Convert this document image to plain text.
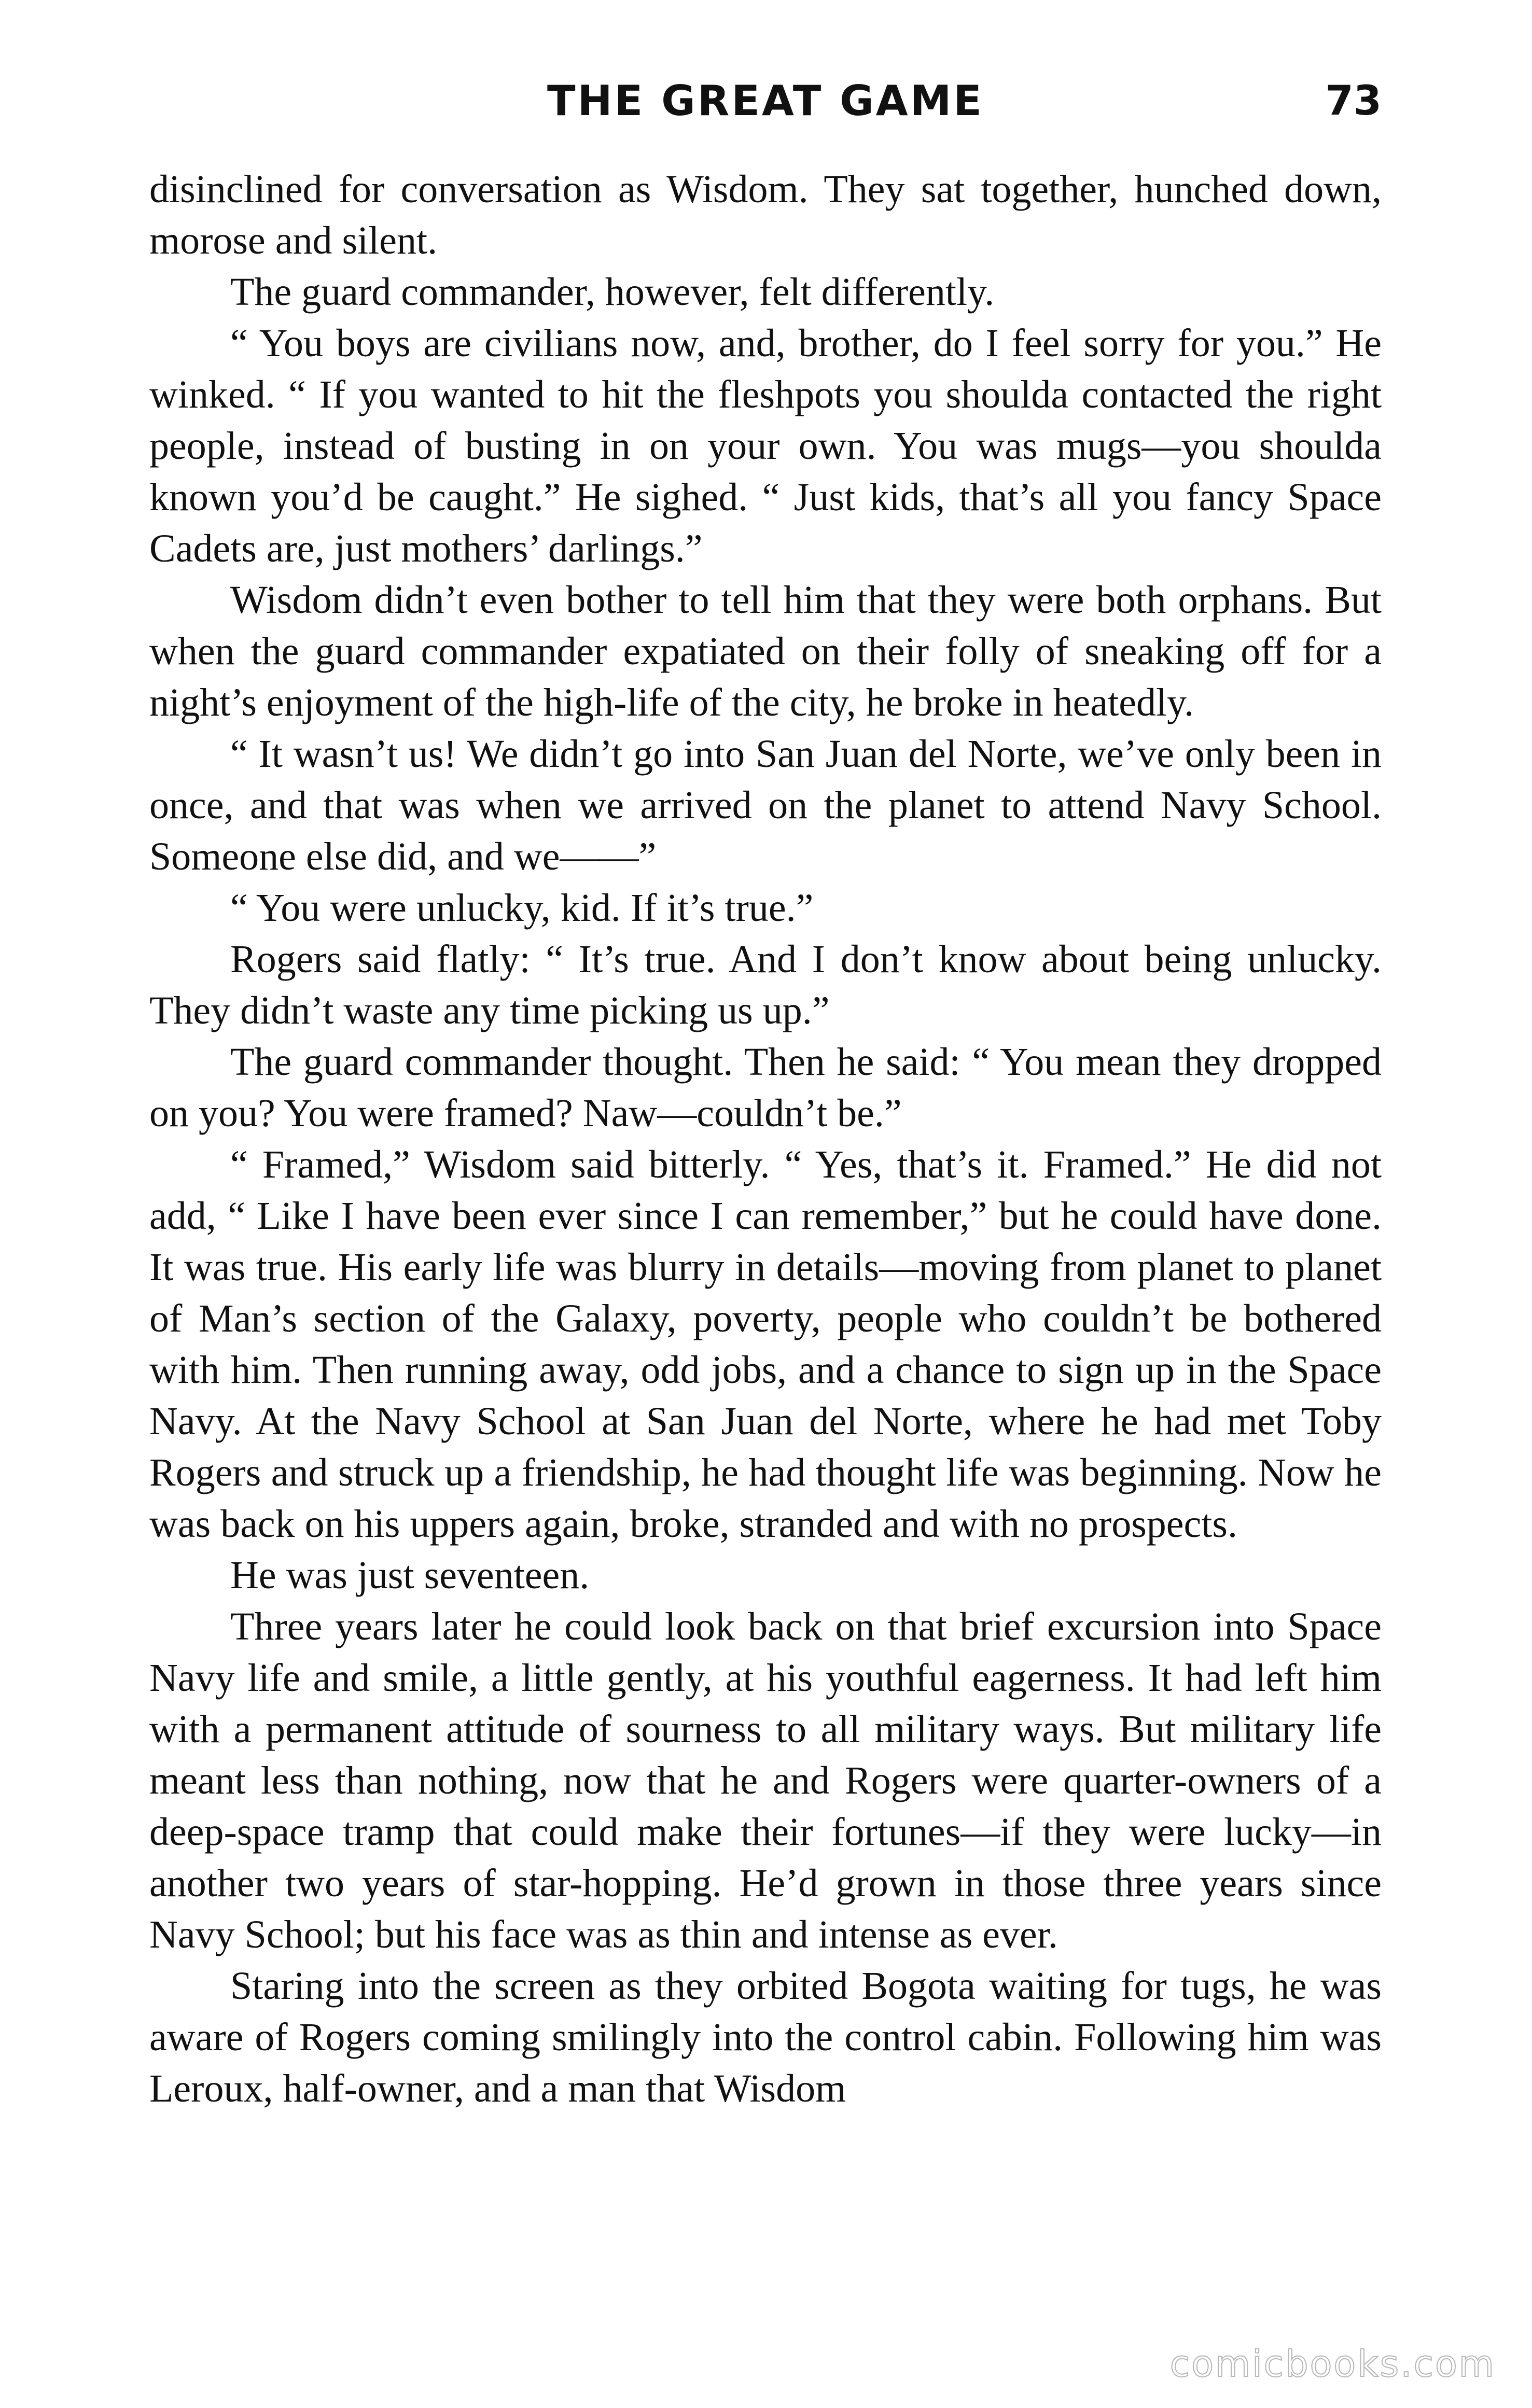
THE GREAT GAME	73

disinclined for conversation as Wisdom. They sat together, hunched down, morose and silent.

The guard commander, however, felt differently.

“ You boys are civilians now, and, brother, do I feel sorry for you.” He winked. “ If you wanted to hit the fleshpots you shoulda contacted the right people, instead of busting in on your own. You was mugs—you shoulda known you’d be caught.” He sighed. “ Just kids, that’s all you fancy Space Cadets are, just mothers’ darlings.”

Wisdom didn’t even bother to tell him that they were both orphans. But when the guard commander expatiated on their folly of sneaking off for a night’s enjoyment of the high-life of the city, he broke in heatedly.

“ It wasn’t us! We didn’t go into San Juan del Norte, we’ve only been in once, and that was when we arrived on the planet to attend Navy School. Someone else did, and we——”

“ You were unlucky, kid. If it’s true.”

Rogers said flatly: “ It’s true. And I don’t know about being unlucky. They didn’t waste any time picking us up.”

The guard commander thought. Then he said: “ You mean they dropped on you? You were framed? Naw—couldn’t be.”

“ Framed,” Wisdom said bitterly. “ Yes, that’s it. Framed.” He did not add, “ Like I have been ever since I can remember,” but he could have done. It was true. His early life was blurry in details—moving from planet to planet of Man’s section of the Galaxy, poverty, people who couldn’t be bothered with him. Then running away, odd jobs, and a chance to sign up in the Space Navy. At the Navy School at San Juan del Norte, where he had met Toby Rogers and struck up a friendship, he had thought life was beginning. Now he was back on his uppers again, broke, stranded and with no prospects.

He was just seventeen.

Three years later he could look back on that brief excursion into Space Navy life and smile, a little gently, at his youthful eagerness. It had left him with a permanent attitude of sourness to all military ways. But military life meant less than nothing, now that he and Rogers were quarter-owners of a deep-space tramp that could make their fortunes—if they were lucky—in another two years of star-hopping. He’d grown in those three years since Navy School; but his face was as thin and intense as ever.

Staring into the screen as they orbited Bogota waiting for tugs, he was aware of Rogers coming smilingly into the control cabin. Following him was Leroux, half-owner, and a man that Wisdom

comicbooks.com
